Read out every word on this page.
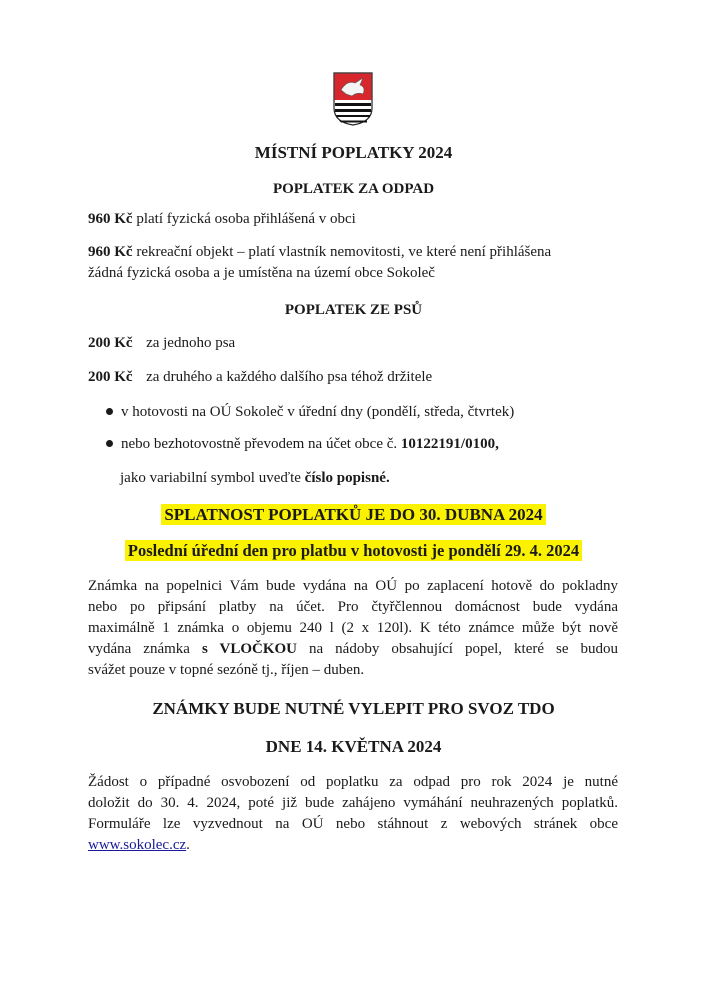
MÍSTNÍ POPLATKY 2024
POPLATEK ZA ODPAD
960 Kč platí fyzická osoba přihlášená v obci
960 Kč rekreační objekt – platí vlastník nemovitosti, ve které není přihlášena
žádná fyzická osoba a je umístěna na území obce Sokoleč
POPLATEK ZE PSŮ
200 Kč za jednoho psa
200 Kč za druhého a každého dalšího psa téhož držitele
v hotovosti na OÚ Sokoleč v úřední dny (pondělí, středa, čtvrtek)
nebo bezhotovostně převodem na účet obce č. 10122191/0100,
jako variabilní symbol uveďte číslo popisné.
SPLATNOST POPLATKŮ JE DO 30. DUBNA 2024
Poslední úřední den pro platbu v hotovosti je pondělí 29. 4. 2024
Známka na popelnici Vám bude vydána na OÚ po zaplacení hotově do pokladny
nebo po připsání platby na účet. Pro čtyřčlennou domácnost bude vydána
maximálně 1 známka o objemu 240 l (2 x 120l). K této známce může být nově
vydána známka s VLOČKOU na nádoby obsahující popel, které se budou
svážet pouze v topné sezóně tj., říjen – duben.
ZNÁMKY BUDE NUTNÉ VYLEPIT PRO SVOZ TDO
DNE 14. KVĚTNA 2024
Žádost o případné osvobození od poplatku za odpad pro rok 2024 je nutné
doložit do 30. 4. 2024, poté již bude zahájeno vymáhání neuhrazených poplatků.
Formuláře lze vyzvednout na OÚ nebo stáhnout z webových stránek obce
www.sokolec.cz.
